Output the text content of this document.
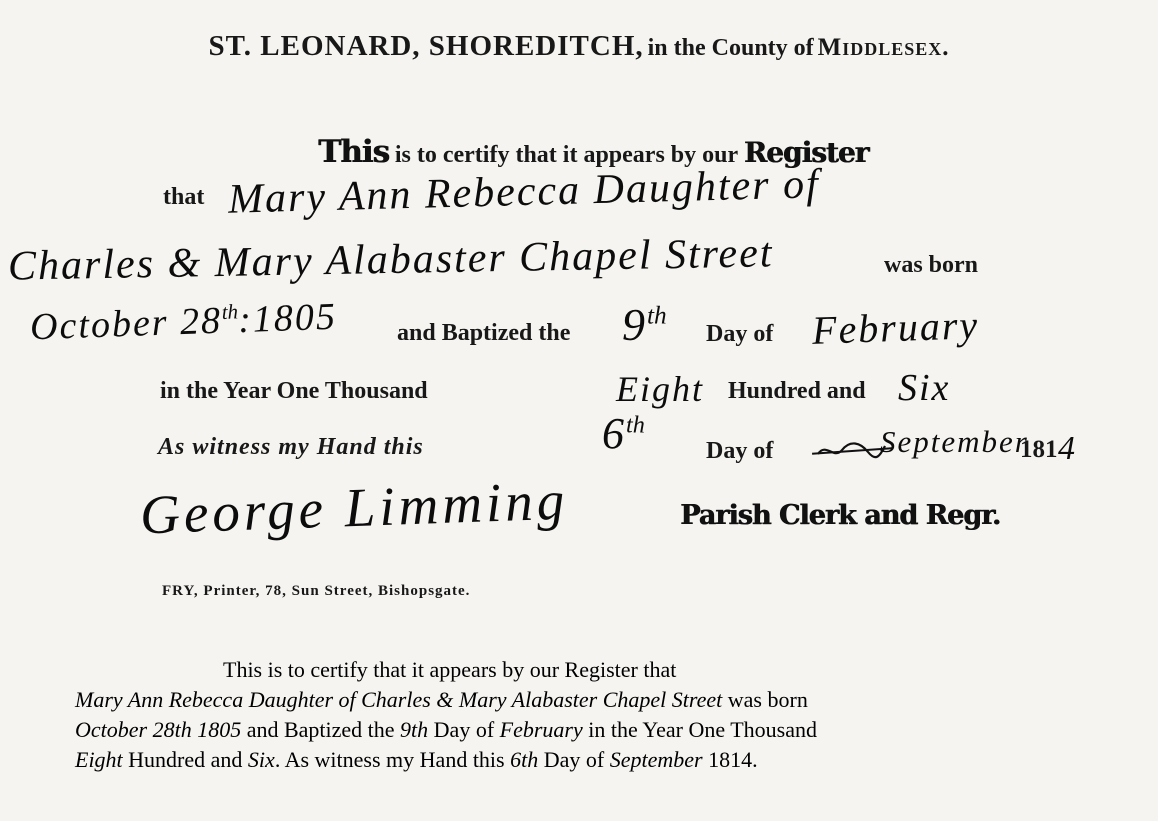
ST. LEONARD, SHOREDITCH, in the County of Middlesex.
This is to certify that it appears by our Register
that Mary Ann Rebecca Daughter of
Charles & Mary Alabaster Chapel Street	was born
October 28th:1805 and Baptized the 9th
Day of February
in the Year One Thousand	Eight Hundred and Six
As witness my Hand this	6th
Day of	September
181 4
George Limming	Parish Clerk and Regr.
FRY, Printer, 78, Sun Street, Bishopsgate.
This is to certify that it appears by our Register that
Mary Ann Rebecca Daughter of Charles & Mary Alabaster Chapel Street was born
October 28th 1805 and Baptized the 9th Day of February in the Year One Thousand
Eight Hundred and Six. As witness my Hand this 6th Day of September 1814.
